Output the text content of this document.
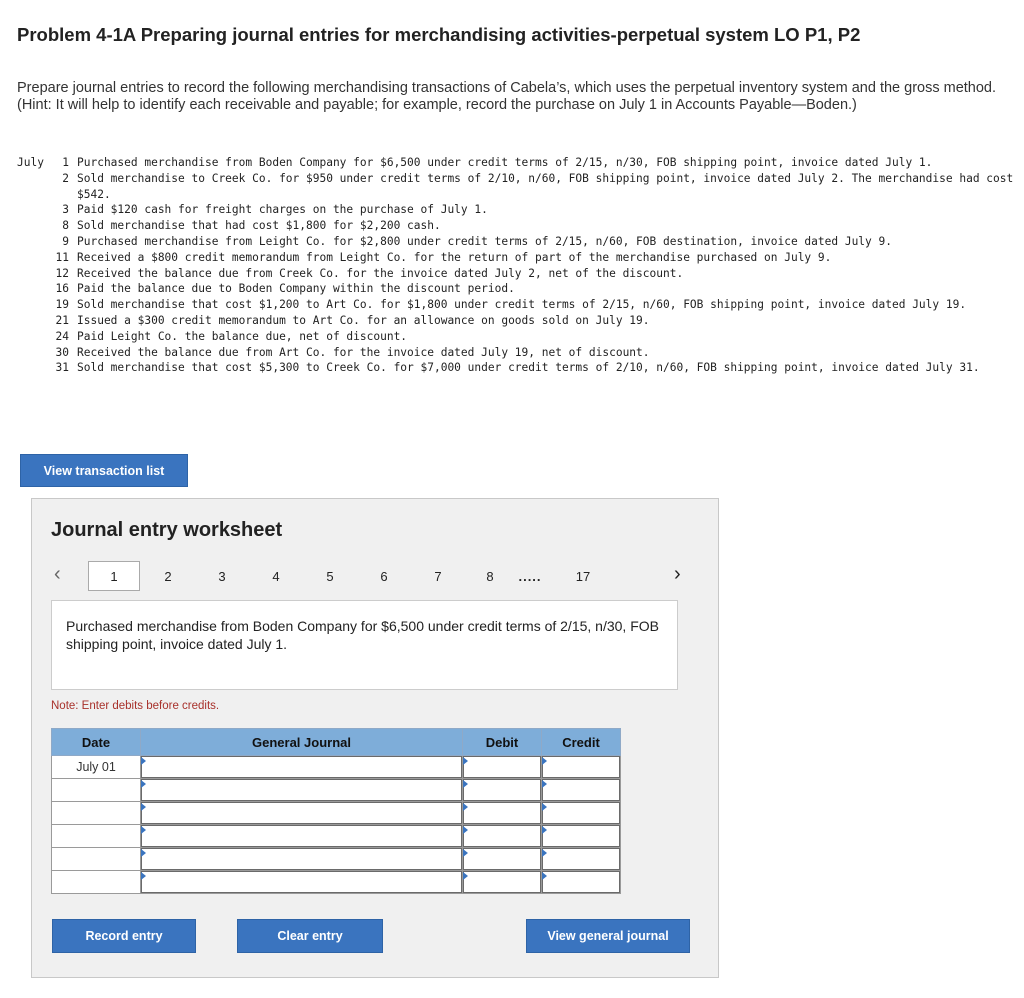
Problem 4-1A Preparing journal entries for merchandising activities-perpetual system LO P1, P2
Prepare journal entries to record the following merchandising transactions of Cabela’s, which uses the perpetual inventory system and the gross method. (Hint: It will help to identify each receivable and payable; for example, record the purchase on July 1 in Accounts Payable—Boden.)
July	1 Purchased merchandise from Boden Company for $6,500 under credit terms of 2/15, n/30, FOB shipping point, invoice dated July 1.
2 Sold merchandise to Creek Co. for $950 under credit terms of 2/10, n/60, FOB shipping point, invoice dated July 2. The merchandise had cost $542.
3 Paid $120 cash for freight charges on the purchase of July 1.
8 Sold merchandise that had cost $1,800 for $2,200 cash.
9 Purchased merchandise from Leight Co. for $2,800 under credit terms of 2/15, n/60, FOB destination, invoice dated July 9.
11 Received a $800 credit memorandum from Leight Co. for the return of part of the merchandise purchased on July 9.
12 Received the balance due from Creek Co. for the invoice dated July 2, net of the discount.
16 Paid the balance due to Boden Company within the discount period.
19 Sold merchandise that cost $1,200 to Art Co. for $1,800 under credit terms of 2/15, n/60, FOB shipping point, invoice dated July 19.
21 Issued a $300 credit memorandum to Art Co. for an allowance on goods sold on July 19.
24 Paid Leight Co. the balance due, net of discount.
30 Received the balance due from Art Co. for the invoice dated July 19, net of discount.
31 Sold merchandise that cost $5,300 to Creek Co. for $7,000 under credit terms of 2/10, n/60, FOB shipping point, invoice dated July 31.
View transaction list
Journal entry worksheet
‹	1	2	3	4	5	6	7	8	.....	17	›
Purchased merchandise from Boden Company for $6,500 under credit terms of 2/15, n/30, FOB shipping point, invoice dated July 1.
Note: Enter debits before credits.
Date	General Journal	Debit	Credit
July 01	

Record entry	Clear entry	View general journal
